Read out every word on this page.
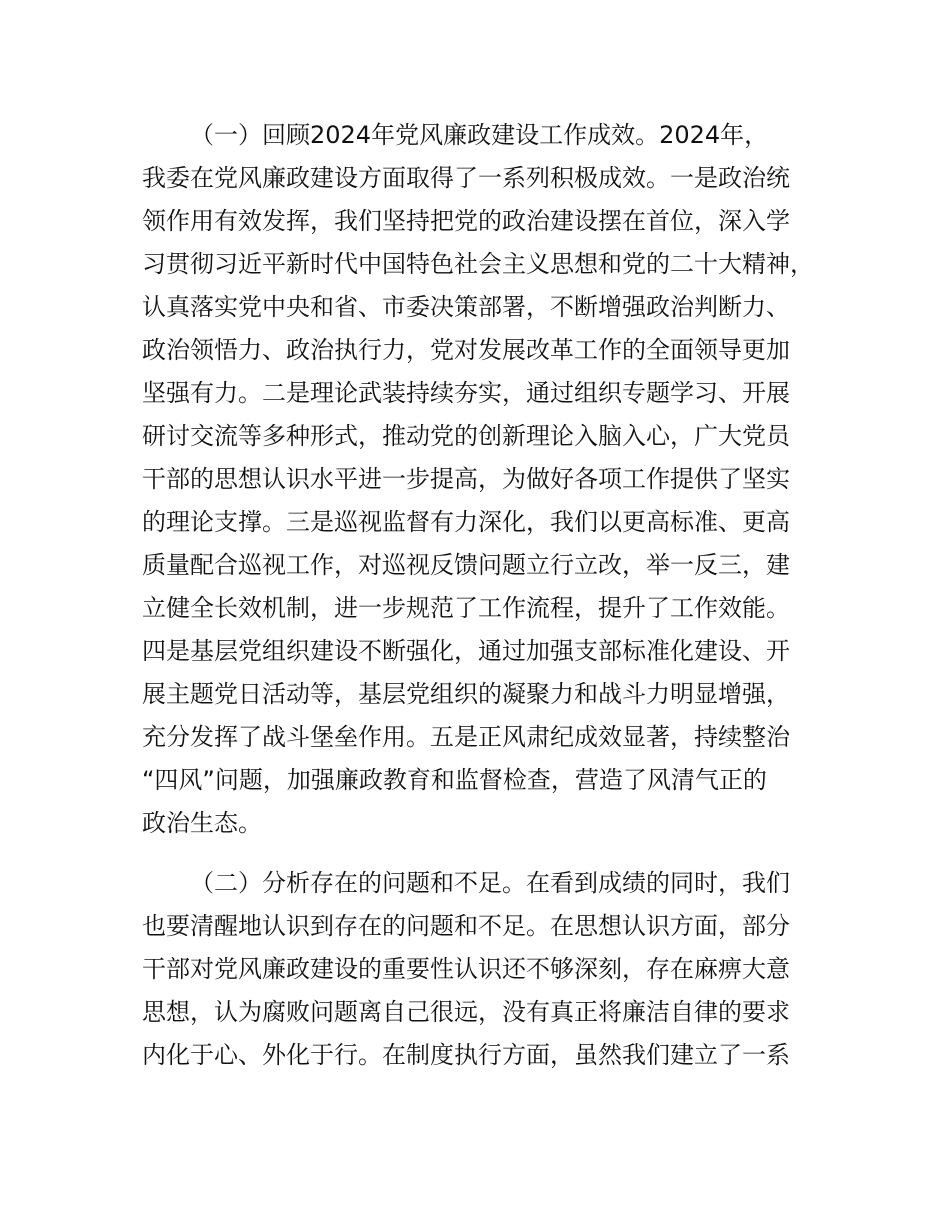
（一）回顾2024年党风廉政建设工作成效。2024年，
我委在党风廉政建设方面取得了一系列积极成效。一是政治统
领作用有效发挥，我们坚持把党的政治建设摆在首位，深入学
习贯彻习近平新时代中国特色社会主义思想和党的二十大精神，
认真落实党中央和省、市委决策部署，不断增强政治判断力、
政治领悟力、政治执行力，党对发展改革工作的全面领导更加
坚强有力。二是理论武装持续夯实，通过组织专题学习、开展
研讨交流等多种形式，推动党的创新理论入脑入心，广大党员
干部的思想认识水平进一步提高，为做好各项工作提供了坚实
的理论支撑。三是巡视监督有力深化，我们以更高标准、更高
质量配合巡视工作，对巡视反馈问题立行立改，举一反三，建
立健全长效机制，进一步规范了工作流程，提升了工作效能。
四是基层党组织建设不断强化，通过加强支部标准化建设、开
展主题党日活动等，基层党组织的凝聚力和战斗力明显增强，
充分发挥了战斗堡垒作用。五是正风肃纪成效显著，持续整治
“四风”问题，加强廉政教育和监督检查，营造了风清气正的
政治生态。
（二）分析存在的问题和不足。在看到成绩的同时，我们
也要清醒地认识到存在的问题和不足。在思想认识方面，部分
干部对党风廉政建设的重要性认识还不够深刻，存在麻痹大意
思想，认为腐败问题离自己很远，没有真正将廉洁自律的要求
内化于心、外化于行。在制度执行方面，虽然我们建立了一系
